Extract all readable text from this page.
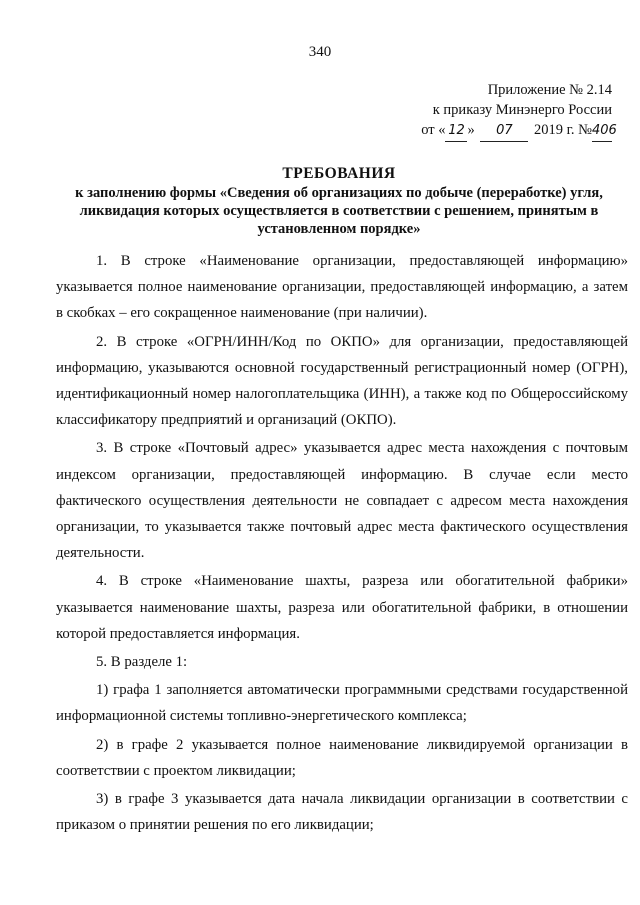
340
Приложение № 2.14
к приказу Минэнерго России
от « 12 » 07 2019 г. №406
ТРЕБОВАНИЯ
к заполнению формы «Сведения об организациях по добыче (переработке) угля, ликвидация которых осуществляется в соответствии с решением, принятым в установленном порядке»

1. В строке «Наименование организации, предоставляющей информацию» указывается полное наименование организации, предоставляющей информацию, а затем в скобках – его сокращенное наименование (при наличии).

2. В строке «ОГРН/ИНН/Код по ОКПО» для организации, предоставляющей информацию, указываются основной государственный регистрационный номер (ОГРН), идентификационный номер налогоплательщика (ИНН), а также код по Общероссийскому классификатору предприятий и организаций (ОКПО).

3. В строке «Почтовый адрес» указывается адрес места нахождения с почтовым индексом организации, предоставляющей информацию. В случае если место фактического осуществления деятельности не совпадает с адресом места нахождения организации, то указывается также почтовый адрес места фактического осуществления деятельности.

4. В строке «Наименование шахты, разреза или обогатительной фабрики» указывается наименование шахты, разреза или обогатительной фабрики, в отношении которой предоставляется информация.

5. В разделе 1:

1) графа 1 заполняется автоматически программными средствами государственной информационной системы топливно-энергетического комплекса;

2) в графе 2 указывается полное наименование ликвидируемой организации в соответствии с проектом ликвидации;

3) в графе 3 указывается дата начала ликвидации организации в соответствии с приказом о принятии решения по его ликвидации;
